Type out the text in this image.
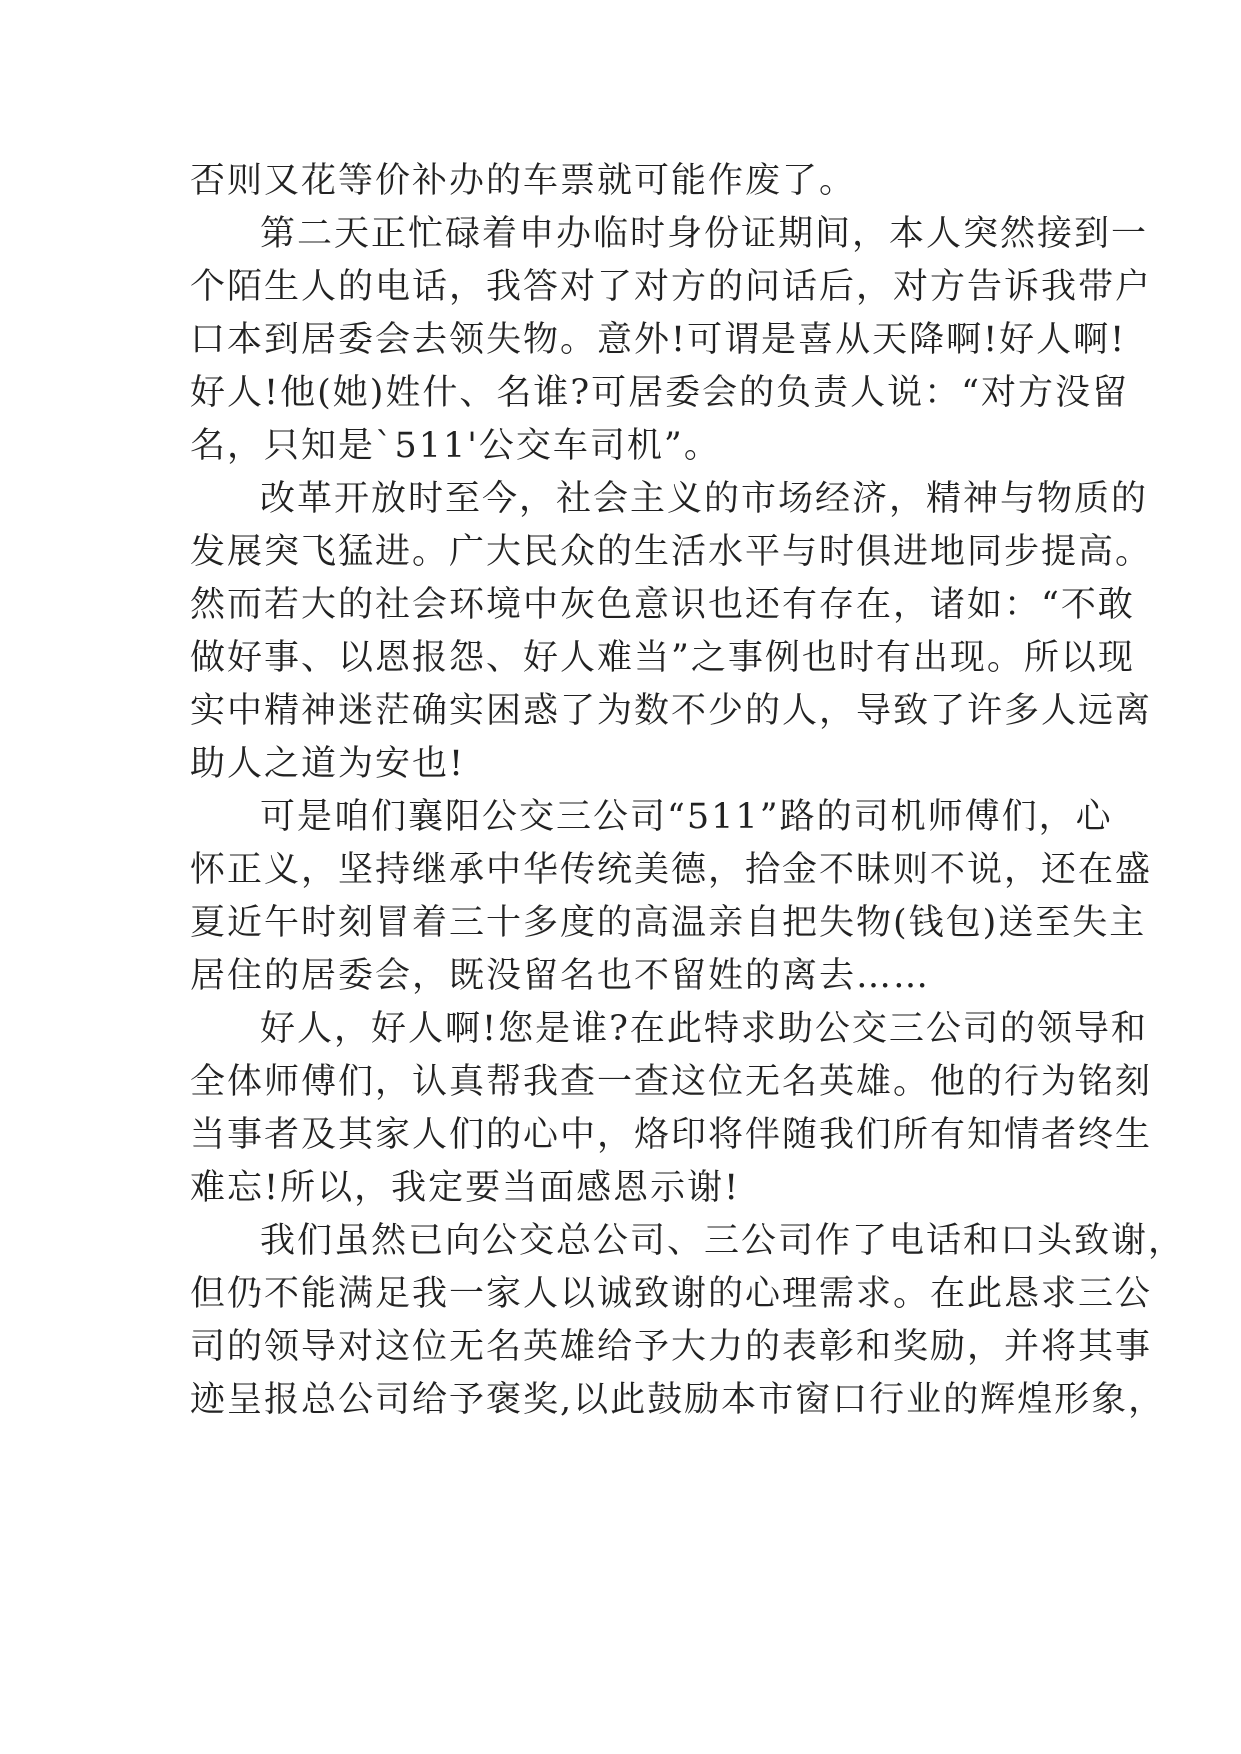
否则又花等价补办的车票就可能作废了。
第二天正忙碌着申办临时身份证期间，本人突然接到一
个陌生人的电话，我答对了对方的问话后，对方告诉我带户
口本到居委会去领失物。意外!可谓是喜从天降啊!好人啊!
好人!他(她)姓什、名谁?可居委会的负责人说：“对方没留
名，只知是`511'公交车司机”。
改革开放时至今，社会主义的市场经济，精神与物质的
发展突飞猛进。广大民众的生活水平与时俱进地同步提高。
然而若大的社会环境中灰色意识也还有存在，诸如：“不敢
做好事、以恩报怨、好人难当”之事例也时有出现。所以现
实中精神迷茫确实困惑了为数不少的人，导致了许多人远离
助人之道为安也!
可是咱们襄阳公交三公司“511”路的司机师傅们，心
怀正义，坚持继承中华传统美德，拾金不昧则不说，还在盛
夏近午时刻冒着三十多度的高温亲自把失物(钱包)送至失主
居住的居委会，既没留名也不留姓的离去……
好人，好人啊!您是谁?在此特求助公交三公司的领导和
全体师傅们，认真帮我查一查这位无名英雄。他的行为铭刻
当事者及其家人们的心中，烙印将伴随我们所有知情者终生
难忘!所以，我定要当面感恩示谢!
我们虽然已向公交总公司、三公司作了电话和口头致谢，
但仍不能满足我一家人以诚致谢的心理需求。在此恳求三公
司的领导对这位无名英雄给予大力的表彰和奖励，并将其事
迹呈报总公司给予褒奖,以此鼓励本市窗口行业的辉煌形象，
